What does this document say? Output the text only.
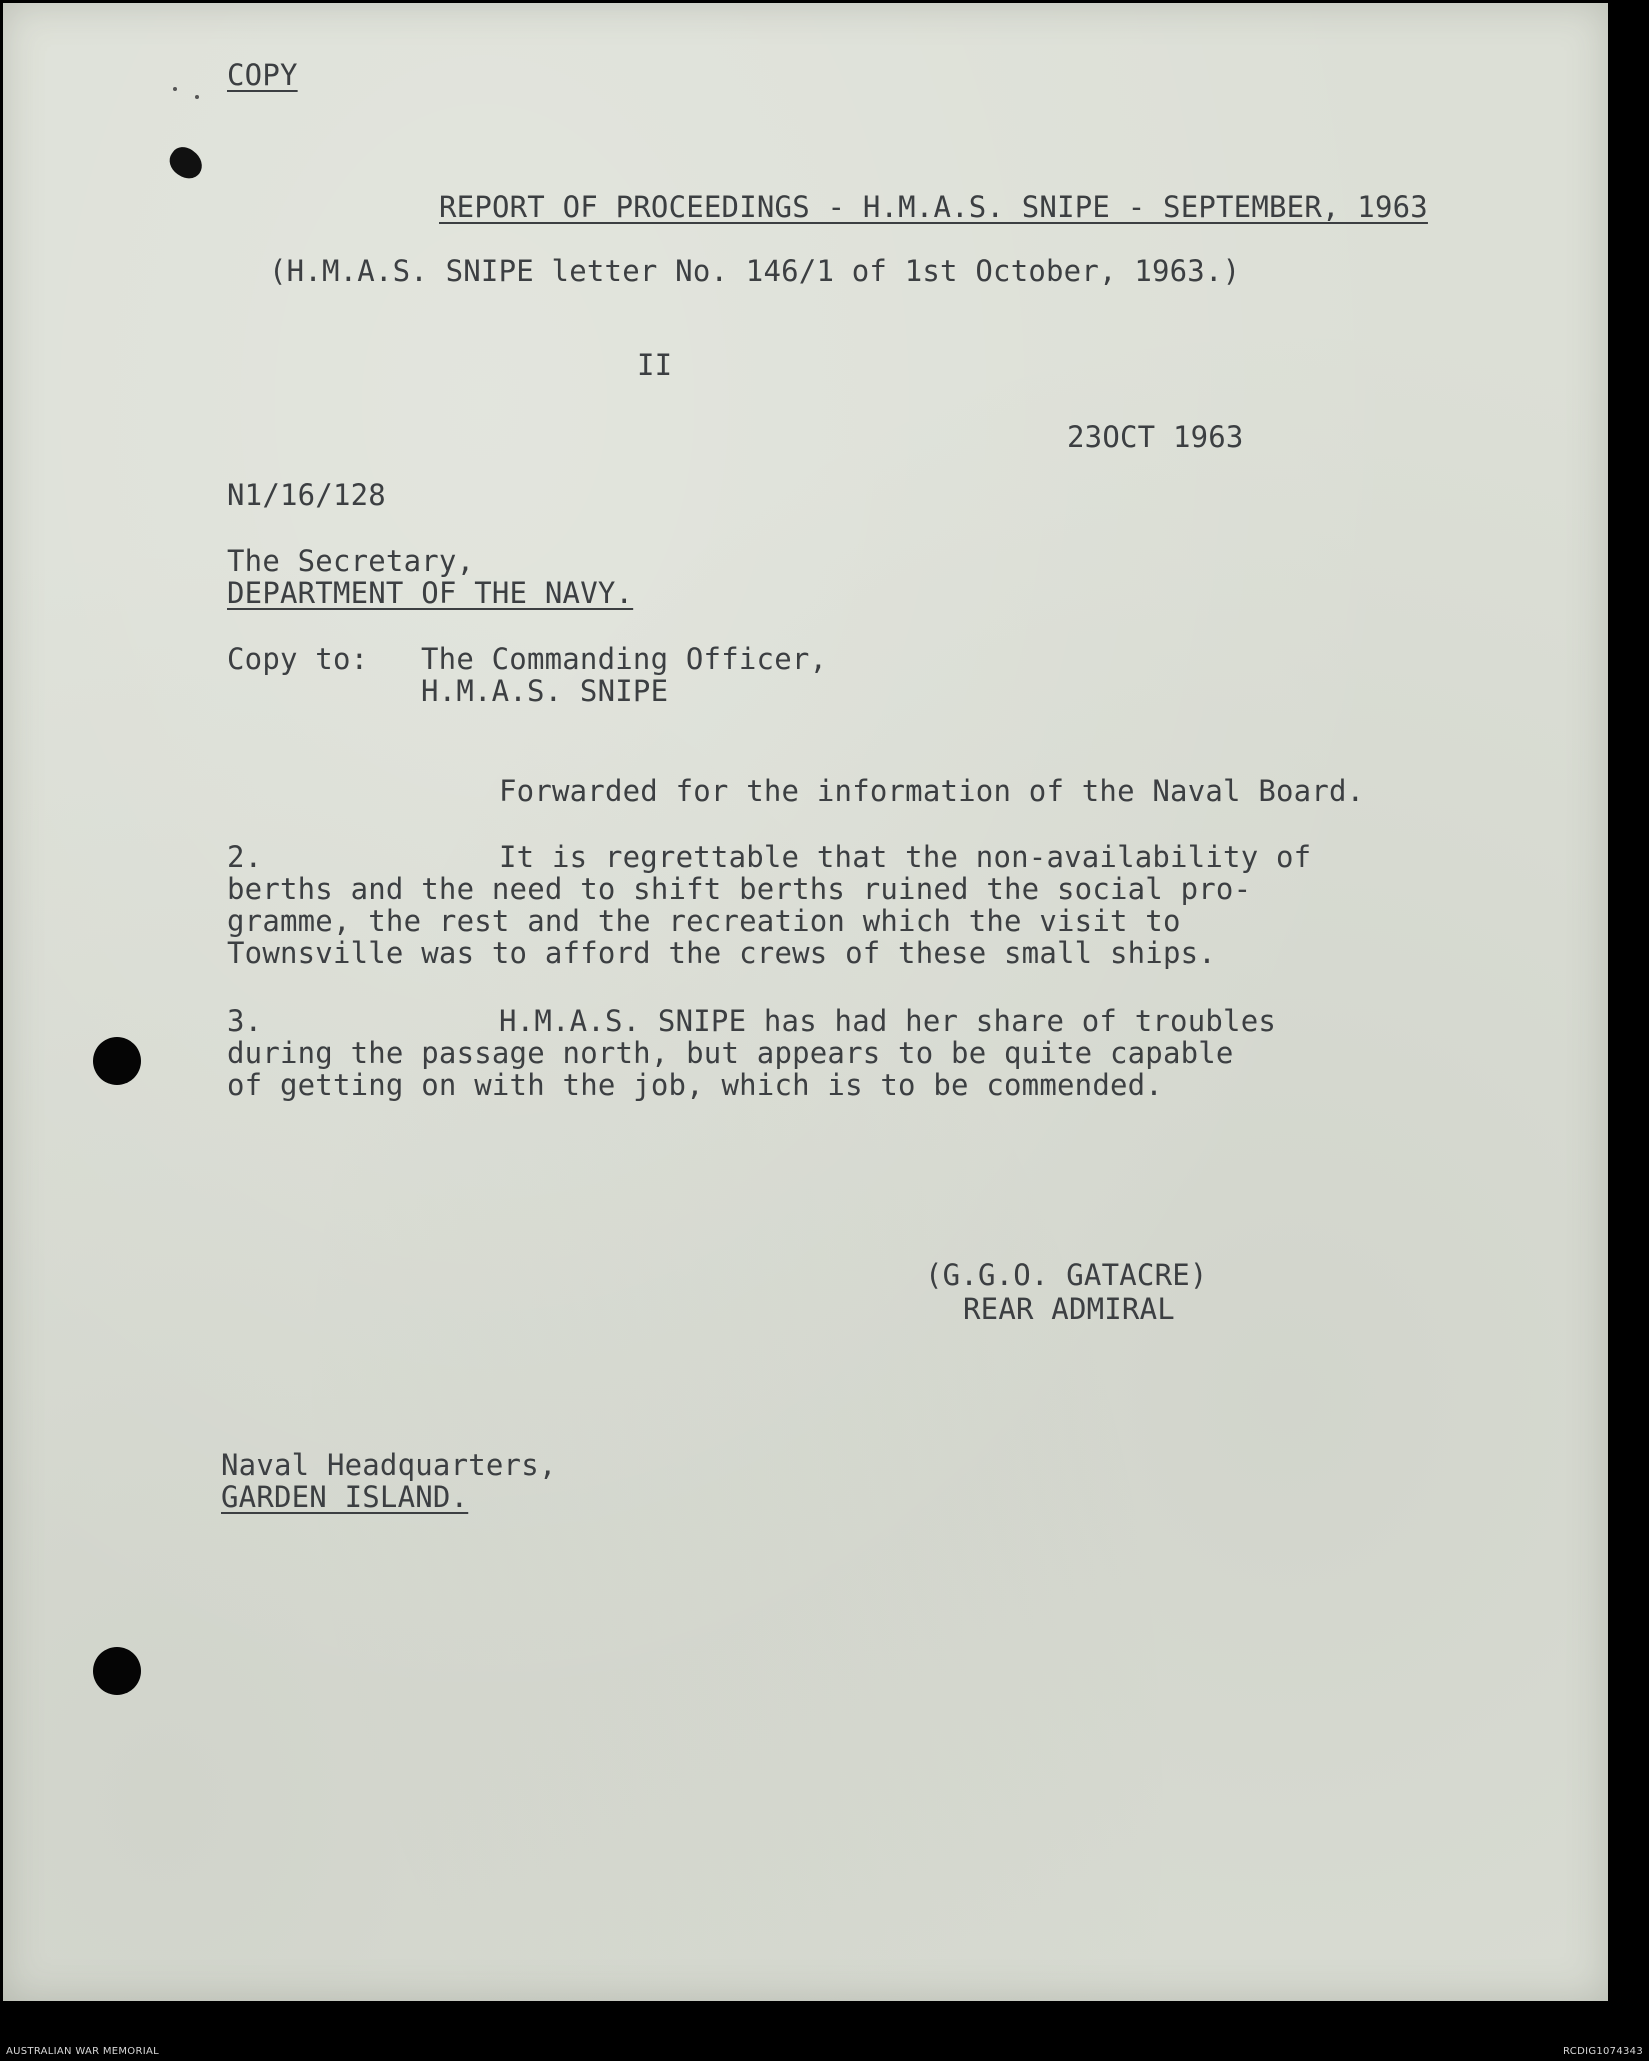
COPY
REPORT OF PROCEEDINGS - H.M.A.S. SNIPE - SEPTEMBER, 1963
(H.M.A.S. SNIPE letter No. 146/1 of 1st October, 1963.)
II
23OCT 1963
N1/16/128
The Secretary,
DEPARTMENT OF THE NAVY.
Copy to: The Commanding Officer,
H.M.A.S. SNIPE
Forwarded for the information of the Naval Board.
2.	It is regrettable that the non-availability of
berths and the need to shift berths ruined the social pro-
gramme, the rest and the recreation which the visit to
Townsville was to afford the crews of these small ships.
3.	H.M.A.S. SNIPE has had her share of troubles
during the passage north, but appears to be quite capable
of getting on with the job, which is to be commended.
(G.G.O. GATACRE)
REAR ADMIRAL
Naval Headquarters,
GARDEN ISLAND.
AUSTRALIAN WAR MEMORIAL	RCDIG1074343
